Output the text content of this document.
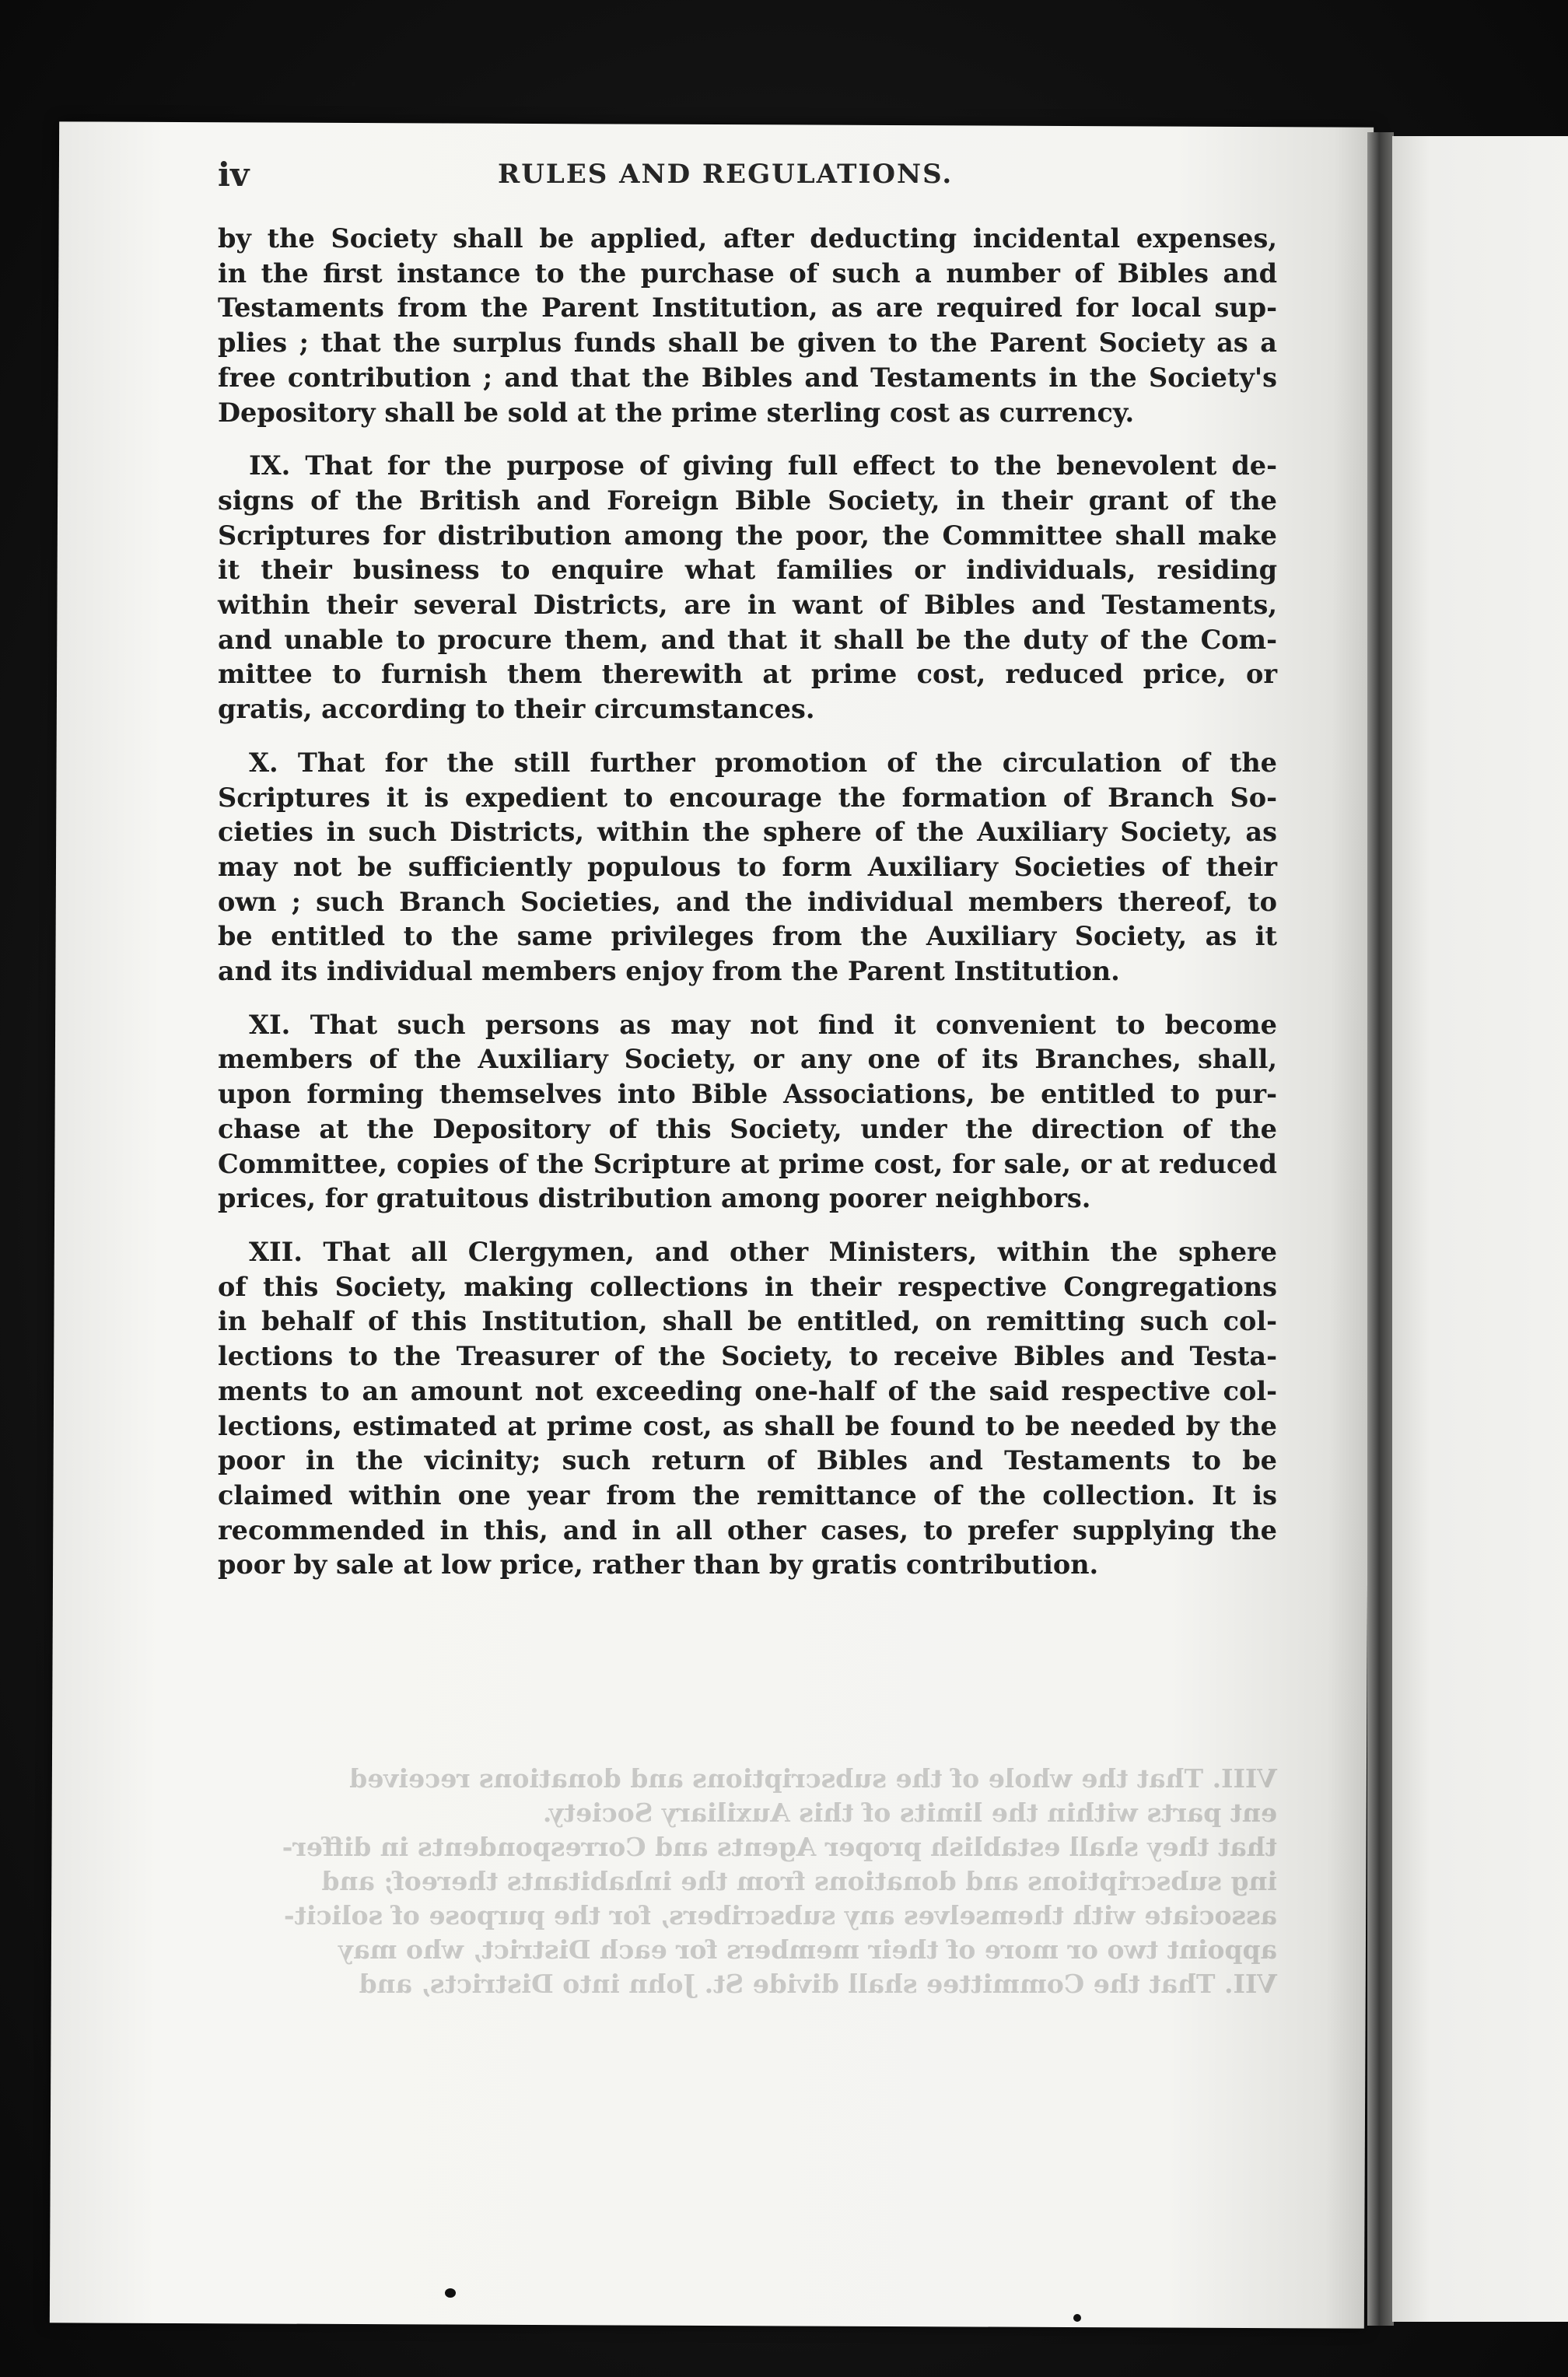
iv	RULES AND REGULATIONS.
VIII. That the whole of the subscriptions and donations received
ent parts within the limits of this Auxiliary Society.
that they shall establish proper Agents and Correspondents in differ-
ing subscriptions and donations from the inhabitants thereof; and
associate with themselves any subscribers, for the purpose of solicit-
appoint two or more of their members for each District, who may
VII. That the Committee shall divide St. John into Districts, and
by the Society shall be applied, after deducting incidental expenses,
in the first instance to the purchase of such a number of Bibles and
Testaments from the Parent Institution, as are required for local sup-
plies ; that the surplus funds shall be given to the Parent Society as a
free contribution ; and that the Bibles and Testaments in the Society's
Depository shall be sold at the prime sterling cost as currency.
IX. That for the purpose of giving full effect to the benevolent de-
signs of the British and Foreign Bible Society, in their grant of the
Scriptures for distribution among the poor, the Committee shall make
it their business to enquire what families or individuals, residing
within their several Districts, are in want of Bibles and Testaments,
and unable to procure them, and that it shall be the duty of the Com-
mittee to furnish them therewith at prime cost, reduced price, or
gratis, according to their circumstances.
X. That for the still further promotion of the circulation of the
Scriptures it is expedient to encourage the formation of Branch So-
cieties in such Districts, within the sphere of the Auxiliary Society, as
may not be sufficiently populous to form Auxiliary Societies of their
own ; such Branch Societies, and the individual members thereof, to
be entitled to the same privileges from the Auxiliary Society, as it
and its individual members enjoy from the Parent Institution.
XI. That such persons as may not find it convenient to become
members of the Auxiliary Society, or any one of its Branches, shall,
upon forming themselves into Bible Associations, be entitled to pur-
chase at the Depository of this Society, under the direction of the
Committee, copies of the Scripture at prime cost, for sale, or at reduced
prices, for gratuitous distribution among poorer neighbors.
XII. That all Clergymen, and other Ministers, within the sphere
of this Society, making collections in their respective Congregations
in behalf of this Institution, shall be entitled, on remitting such col-
lections to the Treasurer of the Society, to receive Bibles and Testa-
ments to an amount not exceeding one-half of the said respective col-
lections, estimated at prime cost, as shall be found to be needed by the
poor in the vicinity; such return of Bibles and Testaments to be
claimed within one year from the remittance of the collection. It is
recommended in this, and in all other cases, to prefer supplying the
poor by sale at low price, rather than by gratis contribution.
